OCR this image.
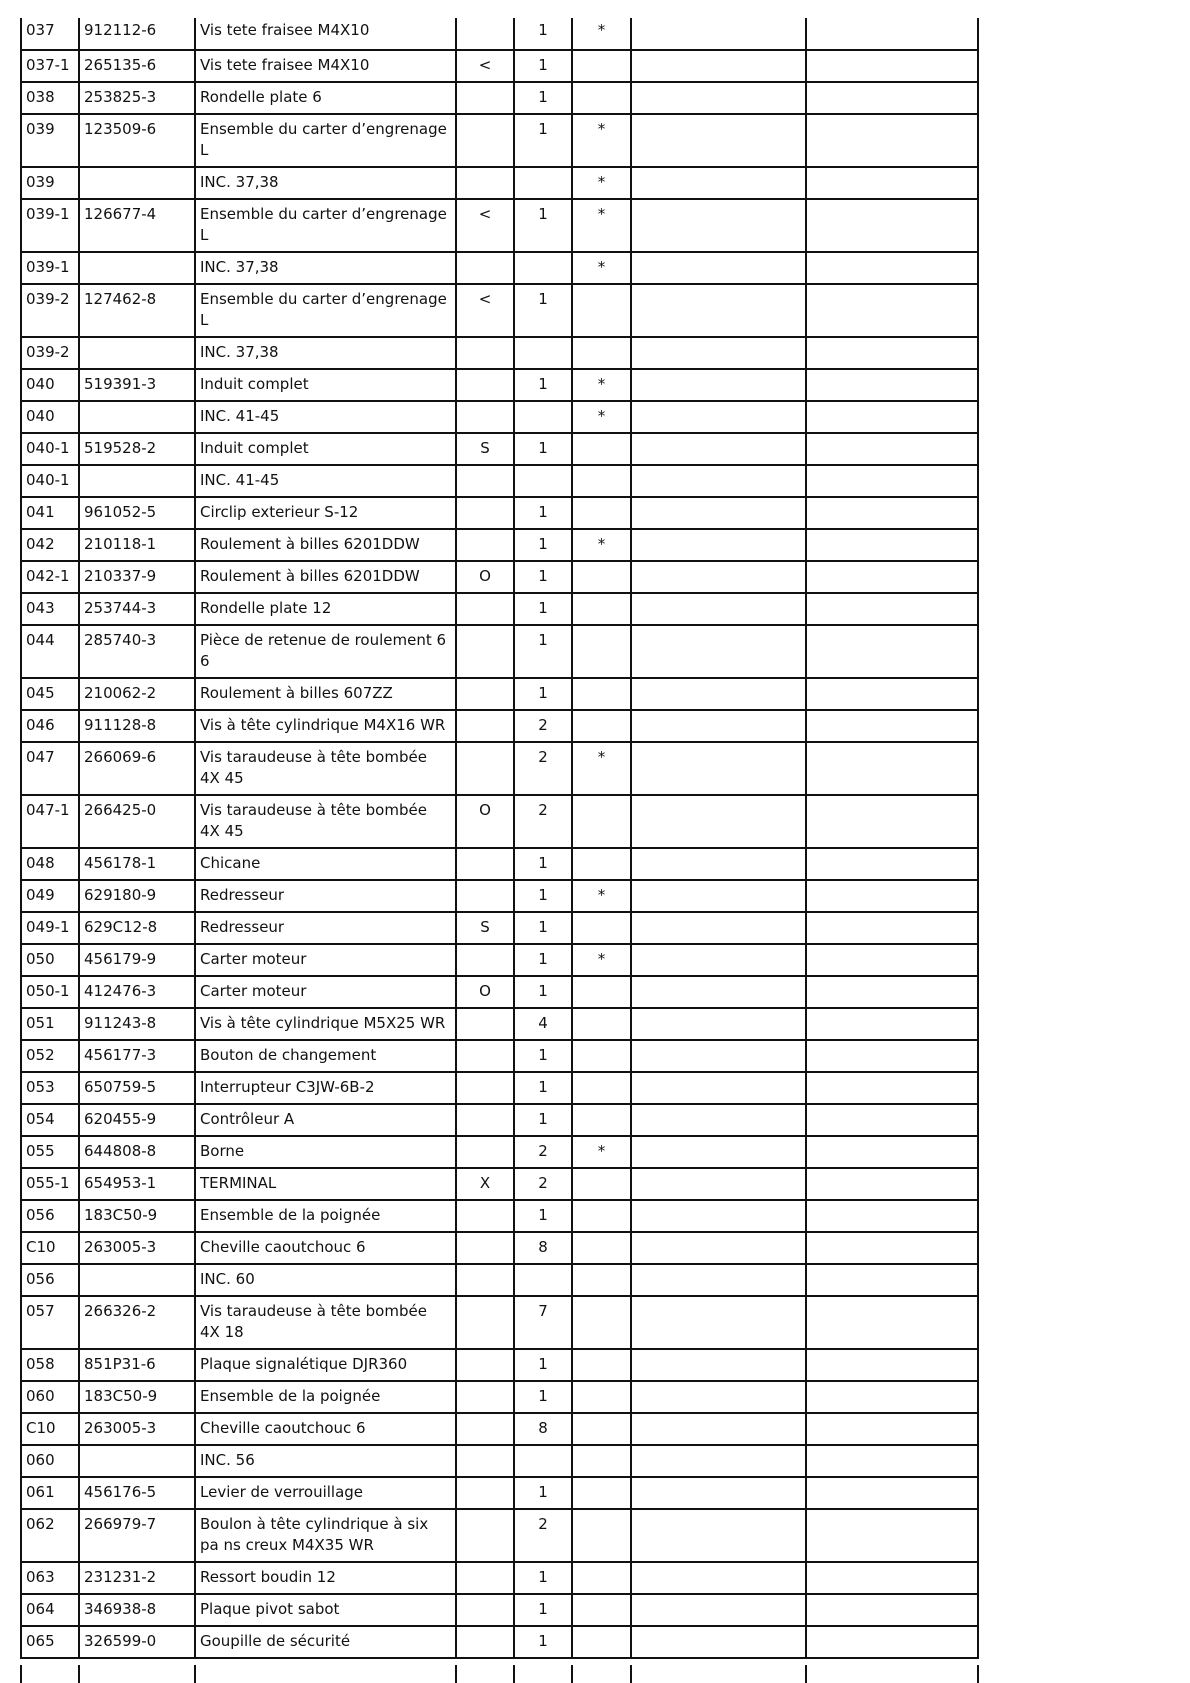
037	912112-6	Vis tete fraisee M4X10		1	*		
037-1	265135-6	Vis tete fraisee M4X10	<	1			
038	253825-3	Rondelle plate 6		1			
039	123509-6	Ensemble du carter d’engrenage L		1	*		
039		INC. 37,38			*		
039-1	126677-4	Ensemble du carter d’engrenage L	<	1	*		
039-1		INC. 37,38			*		
039-2	127462-8	Ensemble du carter d’engrenage L	<	1			
039-2		INC. 37,38					
040	519391-3	Induit complet		1	*		
040		INC. 41-45			*		
040-1	519528-2	Induit complet	S	1			
040-1		INC. 41-45					
041	961052-5	Circlip exterieur S-12		1			
042	210118-1	Roulement à billes 6201DDW		1	*		
042-1	210337-9	Roulement à billes 6201DDW	O	1			
043	253744-3	Rondelle plate 12		1			
044	285740-3	Pièce de retenue de roulement 6 6		1			
045	210062-2	Roulement à billes 607ZZ		1			
046	911128-8	Vis à tête cylindrique M4X16 WR		2			
047	266069-6	Vis taraudeuse à tête bombée 4X 45		2	*		
047-1	266425-0	Vis taraudeuse à tête bombée 4X 45	O	2			
048	456178-1	Chicane		1			
049	629180-9	Redresseur		1	*		
049-1	629C12-8	Redresseur	S	1			
050	456179-9	Carter moteur		1	*		
050-1	412476-3	Carter moteur	O	1			
051	911243-8	Vis à tête cylindrique M5X25 WR		4			
052	456177-3	Bouton de changement		1			
053	650759-5	Interrupteur C3JW-6B-2		1			
054	620455-9	Contrôleur A		1			
055	644808-8	Borne		2	*		
055-1	654953-1	TERMINAL	X	2			
056	183C50-9	Ensemble de la poignée		1			
C10	263005-3	Cheville caoutchouc 6		8			
056		INC. 60					
057	266326-2	Vis taraudeuse à tête bombée 4X 18		7			
058	851P31-6	Plaque signalétique DJR360		1			
060	183C50-9	Ensemble de la poignée		1			
C10	263005-3	Cheville caoutchouc 6		8			
060		INC. 56					
061	456176-5	Levier de verrouillage		1			
062	266979-7	Boulon à tête cylindrique à six pa ns creux M4X35 WR		2			
063	231231-2	Ressort boudin 12		1			
064	346938-8	Plaque pivot sabot		1			
065	326599-0	Goupille de sécurité		1			
